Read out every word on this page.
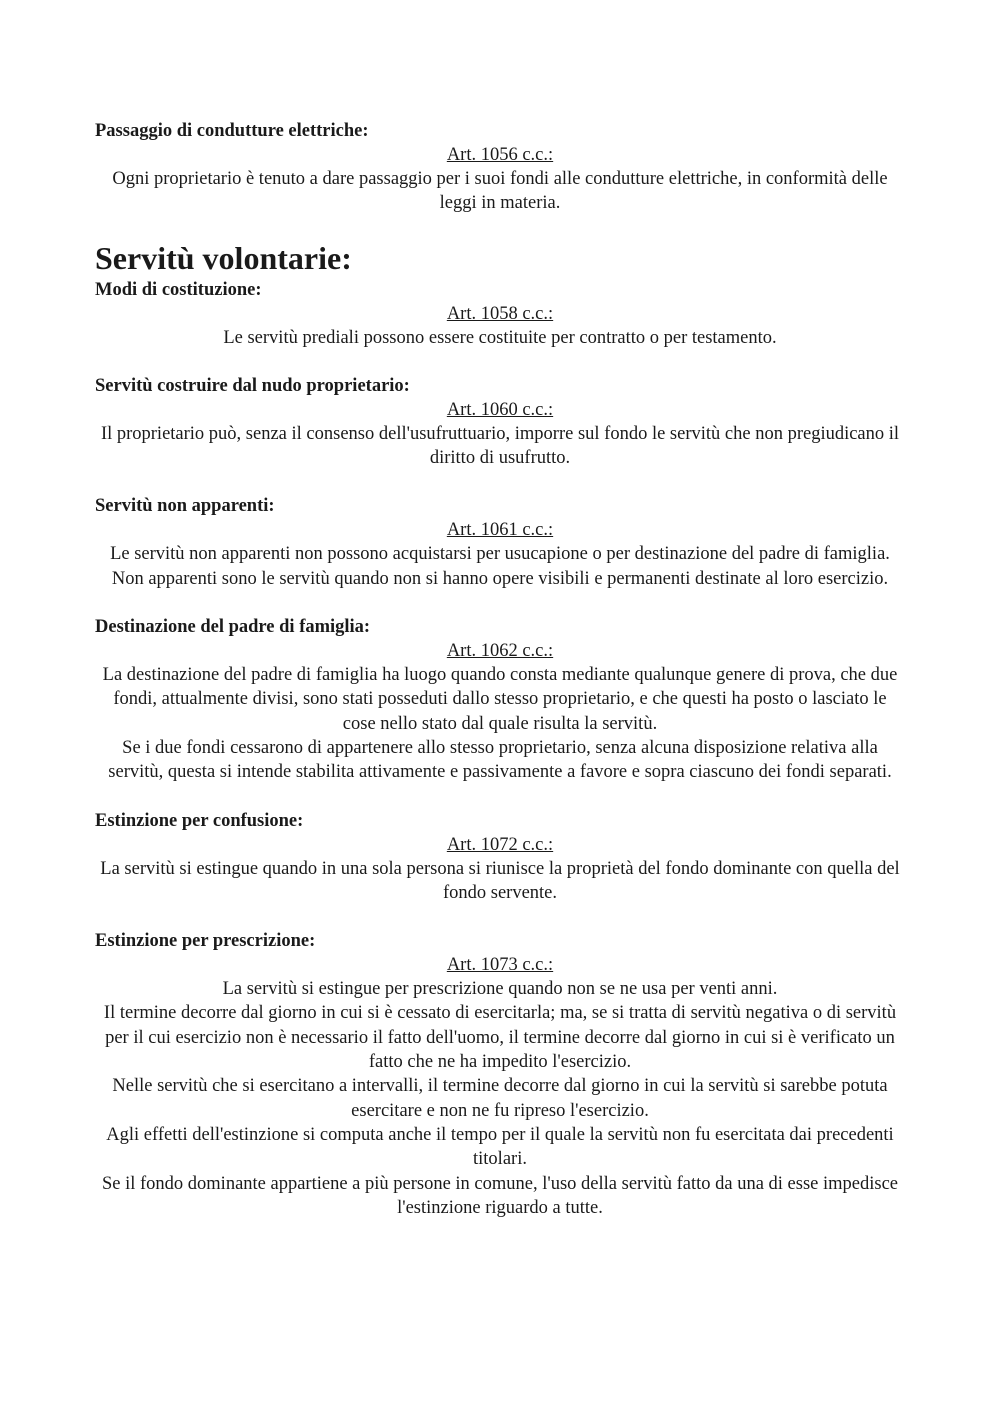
Passaggio di condutture elettriche:

Art. 1056 c.c.:

Ogni proprietario è tenuto a dare passaggio per i suoi fondi alle condutture elettriche, in conformità delle leggi in materia.

Servitù volontarie:

Modi di costituzione:

Art. 1058 c.c.:

Le servitù prediali possono essere costituite per contratto o per testamento.

Servitù costruire dal nudo proprietario:

Art. 1060 c.c.:

Il proprietario può, senza il consenso dell'usufruttuario, imporre sul fondo le servitù che non pregiudicano il diritto di usufrutto.

Servitù non apparenti:

Art. 1061 c.c.:

Le servitù non apparenti non possono acquistarsi per usucapione o per destinazione del padre di famiglia.

Non apparenti sono le servitù quando non si hanno opere visibili e permanenti destinate al loro esercizio.

Destinazione del padre di famiglia:

Art. 1062 c.c.:

La destinazione del padre di famiglia ha luogo quando consta mediante qualunque genere di prova, che due fondi, attualmente divisi, sono stati posseduti dallo stesso proprietario, e che questi ha posto o lasciato le cose nello stato dal quale risulta la servitù.

Se i due fondi cessarono di appartenere allo stesso proprietario, senza alcuna disposizione relativa alla servitù, questa si intende stabilita attivamente e passivamente a favore e sopra ciascuno dei fondi separati.

Estinzione per confusione:

Art. 1072 c.c.:

La servitù si estingue quando in una sola persona si riunisce la proprietà del fondo dominante con quella del fondo servente.

Estinzione per prescrizione:

Art. 1073 c.c.:

La servitù si estingue per prescrizione quando non se ne usa per venti anni.

Il termine decorre dal giorno in cui si è cessato di esercitarla; ma, se si tratta di servitù negativa o di servitù per il cui esercizio non è necessario il fatto dell'uomo, il termine decorre dal giorno in cui si è verificato un fatto che ne ha impedito l'esercizio.

Nelle servitù che si esercitano a intervalli, il termine decorre dal giorno in cui la servitù si sarebbe potuta esercitare e non ne fu ripreso l'esercizio.

Agli effetti dell'estinzione si computa anche il tempo per il quale la servitù non fu esercitata dai precedenti titolari.

Se il fondo dominante appartiene a più persone in comune, l'uso della servitù fatto da una di esse impedisce l'estinzione riguardo a tutte.
